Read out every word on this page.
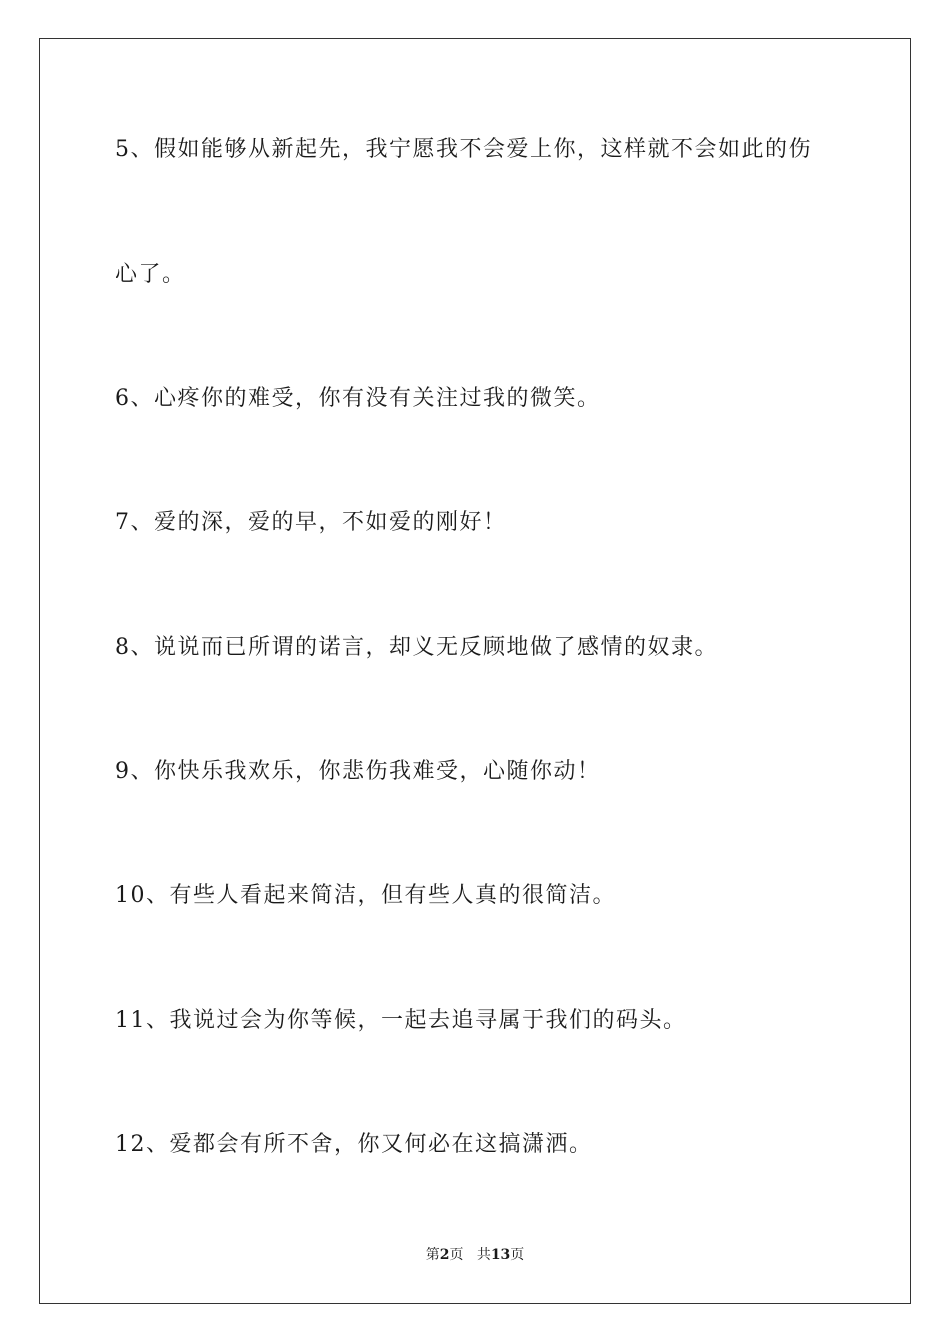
5、假如能够从新起先，我宁愿我不会爱上你，这样就不会如此的伤
心了。
6、心疼你的难受，你有没有关注过我的微笑。
7、爱的深，爱的早，不如爱的刚好！
8、说说而已所谓的诺言，却义无反顾地做了感情的奴隶。
9、你快乐我欢乐，你悲伤我难受，心随你动！
10、有些人看起来简洁，但有些人真的很简洁。
11、我说过会为你等候，一起去追寻属于我们的码头。
12、爱都会有所不舍，你又何必在这搞潇洒。
第2页 共13页
